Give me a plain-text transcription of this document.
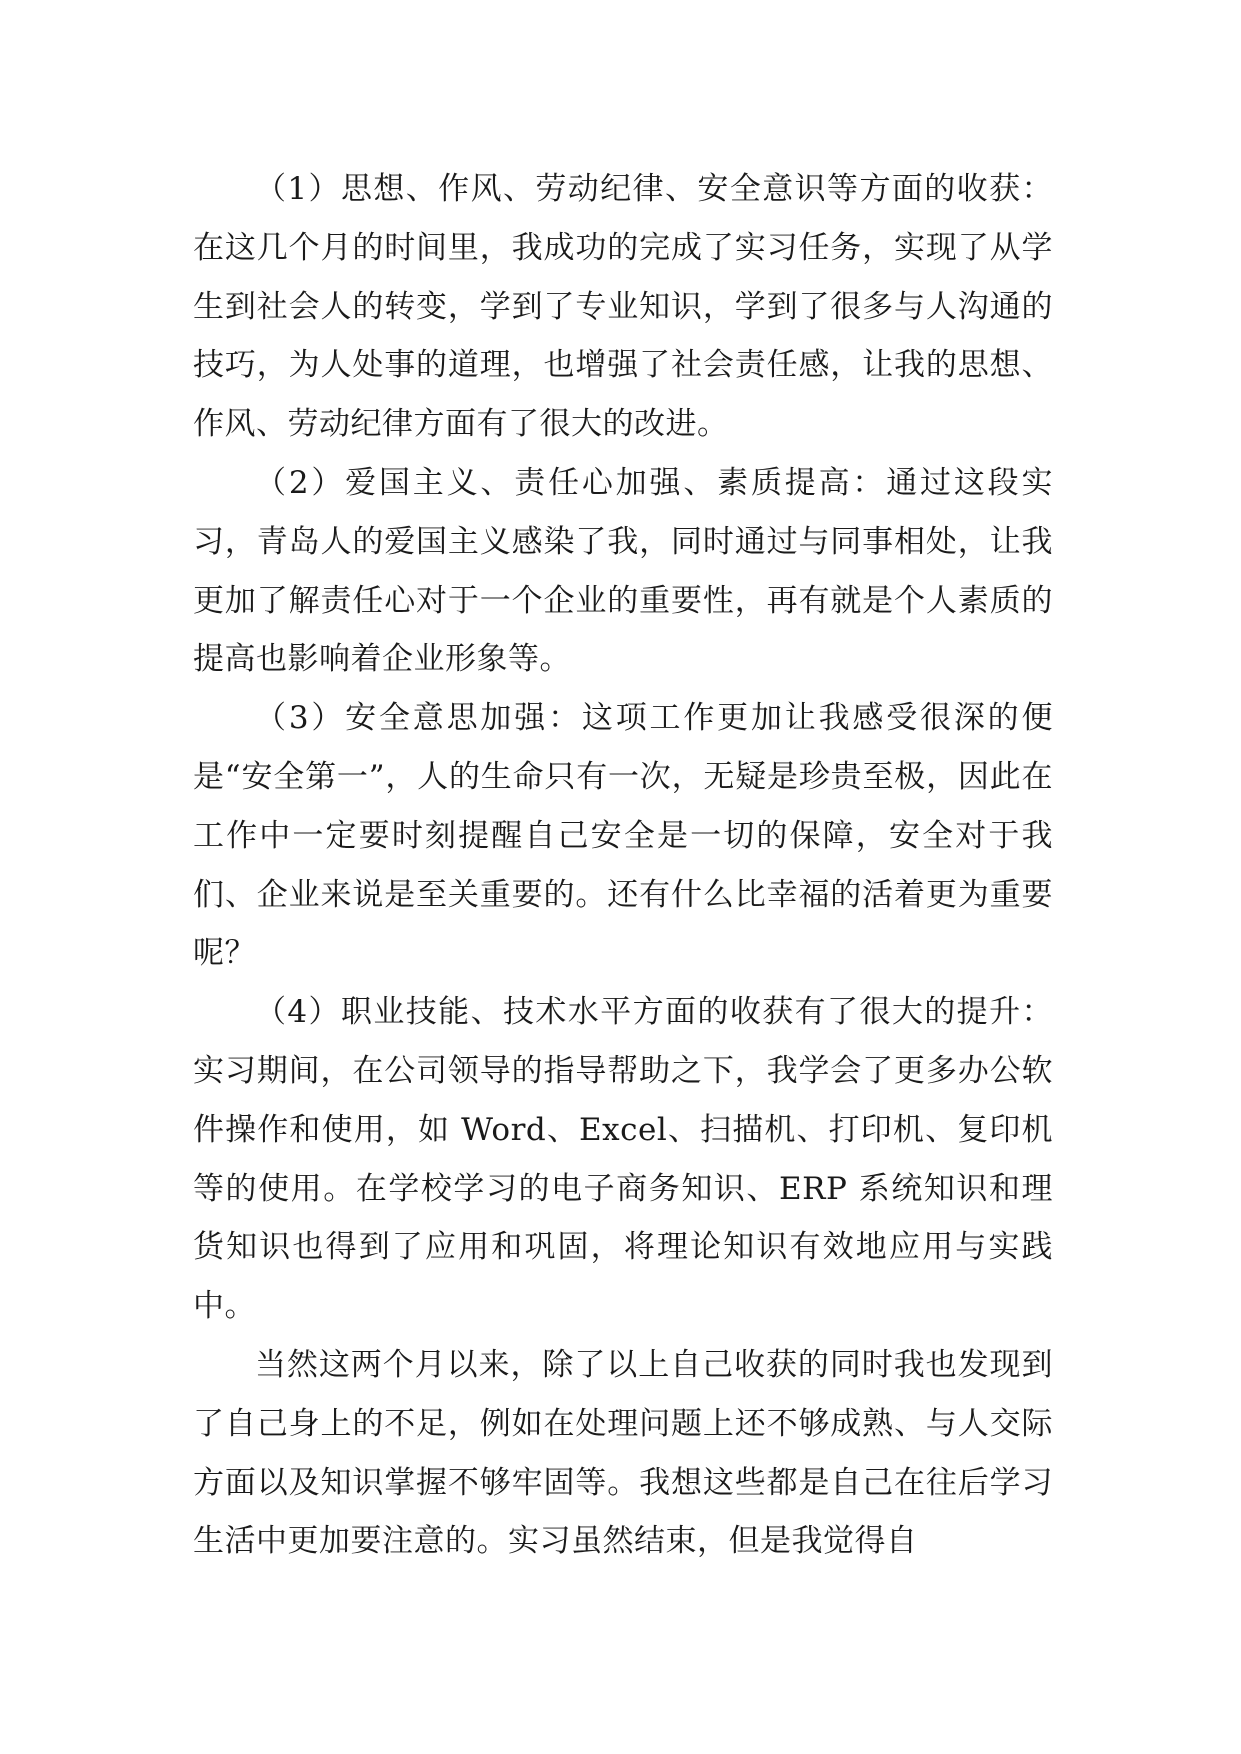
（1）思想、作风、劳动纪律、安全意识等方面的收获：在这几个月的时间里，我成功的完成了实习任务，实现了从学生到社会人的转变，学到了专业知识，学到了很多与人沟通的技巧，为人处事的道理，也增强了社会责任感，让我的思想、作风、劳动纪律方面有了很大的改进。

（2）爱国主义、责任心加强、素质提高：通过这段实习，青岛人的爱国主义感染了我，同时通过与同事相处，让我更加了解责任心对于一个企业的重要性，再有就是个人素质的提高也影响着企业形象等。

（3）安全意思加强：这项工作更加让我感受很深的便是“安全第一”，人的生命只有一次，无疑是珍贵至极，因此在工作中一定要时刻提醒自己安全是一切的保障，安全对于我们、企业来说是至关重要的。还有什么比幸福的活着更为重要呢？

（4）职业技能、技术水平方面的收获有了很大的提升：实习期间，在公司领导的指导帮助之下，我学会了更多办公软件操作和使用，如 Word、Excel、扫描机、打印机、复印机等的使用。在学校学习的电子商务知识、ERP 系统知识和理货知识也得到了应用和巩固，将理论知识有效地应用与实践中。

当然这两个月以来，除了以上自己收获的同时我也发现到了自己身上的不足，例如在处理问题上还不够成熟、与人交际方面以及知识掌握不够牢固等。我想这些都是自己在往后学习生活中更加要注意的。实习虽然结束，但是我觉得自
